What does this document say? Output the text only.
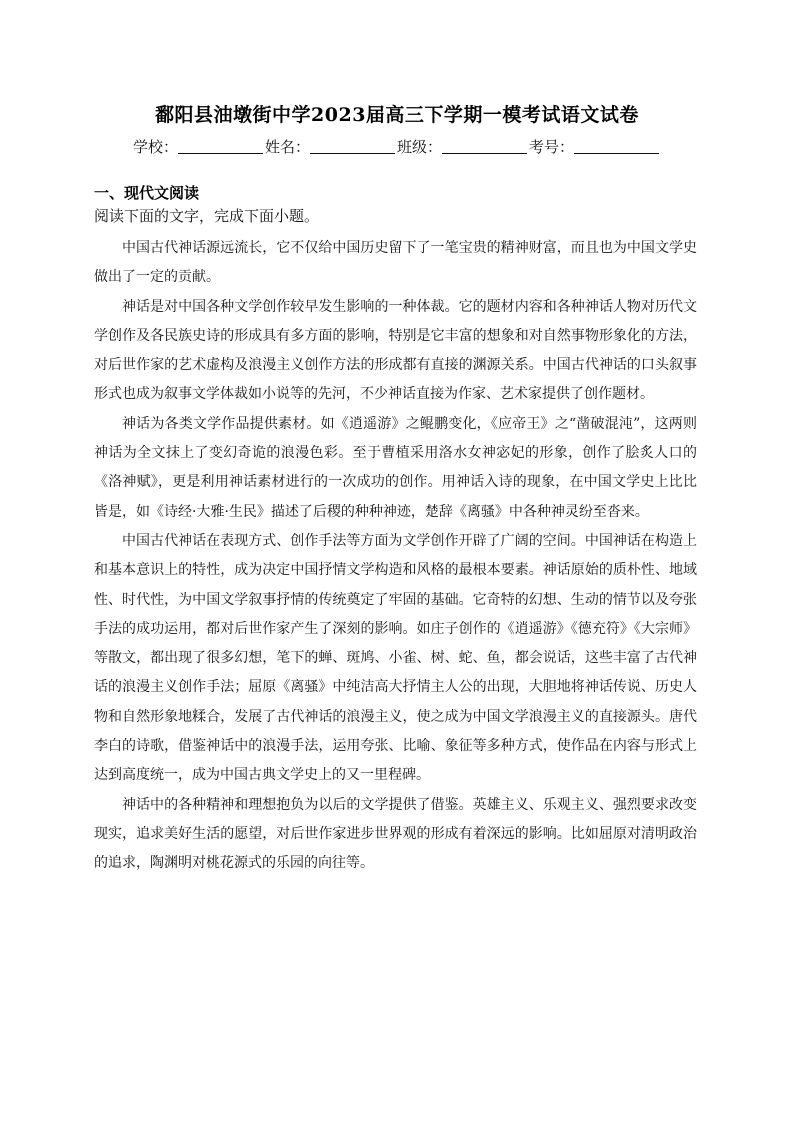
鄱阳县油墩街中学2023届高三下学期一模考试语文试卷
学校：	姓名：	班级：	考号：
一、现代文阅读
阅读下面的文字，完成下面小题。

中国古代神话源远流长，它不仅给中国历史留下了一笔宝贵的精神财富，而且也为中国文学史做出了一定的贡献。

神话是对中国各种文学创作较早发生影响的一种体裁。它的题材内容和各种神话人物对历代文学创作及各民族史诗的形成具有多方面的影响，特别是它丰富的想象和对自然事物形象化的方法，对后世作家的艺术虚构及浪漫主义创作方法的形成都有直接的渊源关系。中国古代神话的口头叙事形式也成为叙事文学体裁如小说等的先河，不少神话直接为作家、艺术家提供了创作题材。

神话为各类文学作品提供素材。如《逍遥游》之鲲鹏变化，《应帝王》之“凿破混沌”，这两则神话为全文抹上了变幻奇诡的浪漫色彩。至于曹植采用洛水女神宓妃的形象，创作了脍炙人口的《洛神赋》，更是利用神话素材进行的一次成功的创作。用神话入诗的现象，在中国文学史上比比皆是，如《诗经·大雅·生民》描述了后稷的种种神迹，楚辞《离骚》中各种神灵纷至沓来。

中国古代神话在表现方式、创作手法等方面为文学创作开辟了广阔的空间。中国神话在构造上和基本意识上的特性，成为决定中国抒情文学构造和风格的最根本要素。神话原始的质朴性、地域性、时代性，为中国文学叙事抒情的传统奠定了牢固的基础。它奇特的幻想、生动的情节以及夸张手法的成功运用，都对后世作家产生了深刻的影响。如庄子创作的《逍遥游》《德充符》《大宗师》等散文，都出现了很多幻想，笔下的蝉、斑鸠、小雀、树、蛇、鱼，都会说话，这些丰富了古代神话的浪漫主义创作手法；屈原《离骚》中纯洁高大抒情主人公的出现，大胆地将神话传说、历史人物和自然形象地糅合，发展了古代神话的浪漫主义，使之成为中国文学浪漫主义的直接源头。唐代李白的诗歌，借鉴神话中的浪漫手法，运用夸张、比喻、象征等多种方式，使作品在内容与形式上达到高度统一，成为中国古典文学史上的又一里程碑。

神话中的各种精神和理想抱负为以后的文学提供了借鉴。英雄主义、乐观主义、强烈要求改变现实，追求美好生活的愿望，对后世作家进步世界观的形成有着深远的影响。比如屈原对清明政治的追求，陶渊明对桃花源式的乐园的向往等。
